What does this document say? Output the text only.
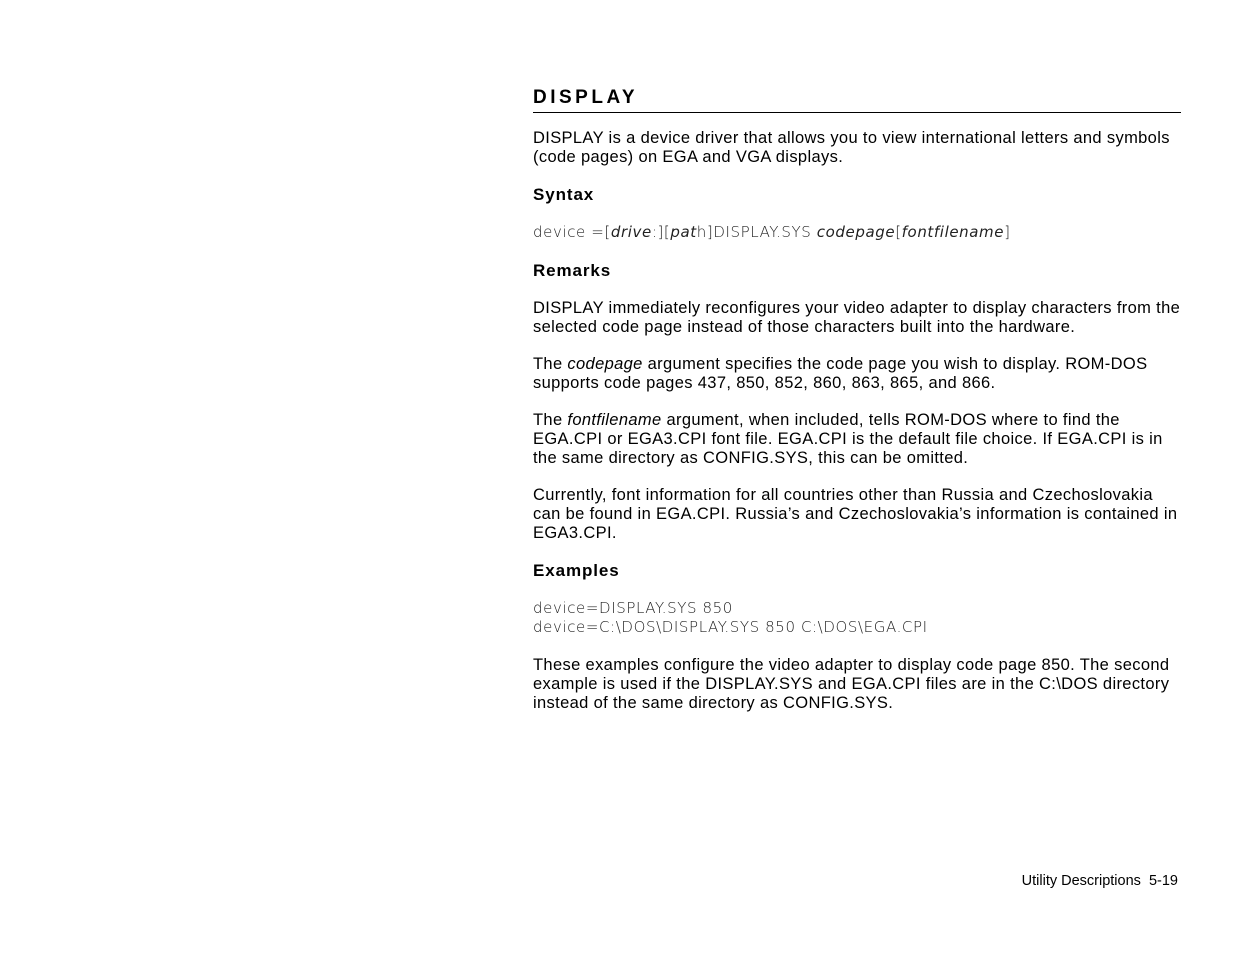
DISPLAY

DISPLAY is a device driver that allows you to view international letters and symbols (code pages) on EGA and VGA displays.

Syntax

device =[drive:][path]DISPLAY.SYS codepage[fontfilename]

Remarks

DISPLAY immediately reconfigures your video adapter to display characters from the selected code page instead of those characters built into the hardware.

The codepage argument specifies the code page you wish to display. ROM-DOS supports code pages 437, 850, 852, 860, 863, 865, and 866.

The fontfilename argument, when included, tells ROM-DOS where to find the EGA.CPI or EGA3.CPI font file. EGA.CPI is the default file choice. If EGA.CPI is in the same directory as CONFIG.SYS, this can be omitted.

Currently, font information for all countries other than Russia and Czechoslovakia can be found in EGA.CPI. Russia’s and Czechoslovakia’s information is contained in EGA3.CPI.

Examples

device=DISPLAY.SYS 850
device=C:\DOS\DISPLAY.SYS 850 C:\DOS\EGA.CPI

These examples configure the video adapter to display code page 850. The second example is used if the DISPLAY.SYS and EGA.CPI files are in the C:\DOS directory instead of the same directory as CONFIG.SYS.

Utility Descriptions 5-19
